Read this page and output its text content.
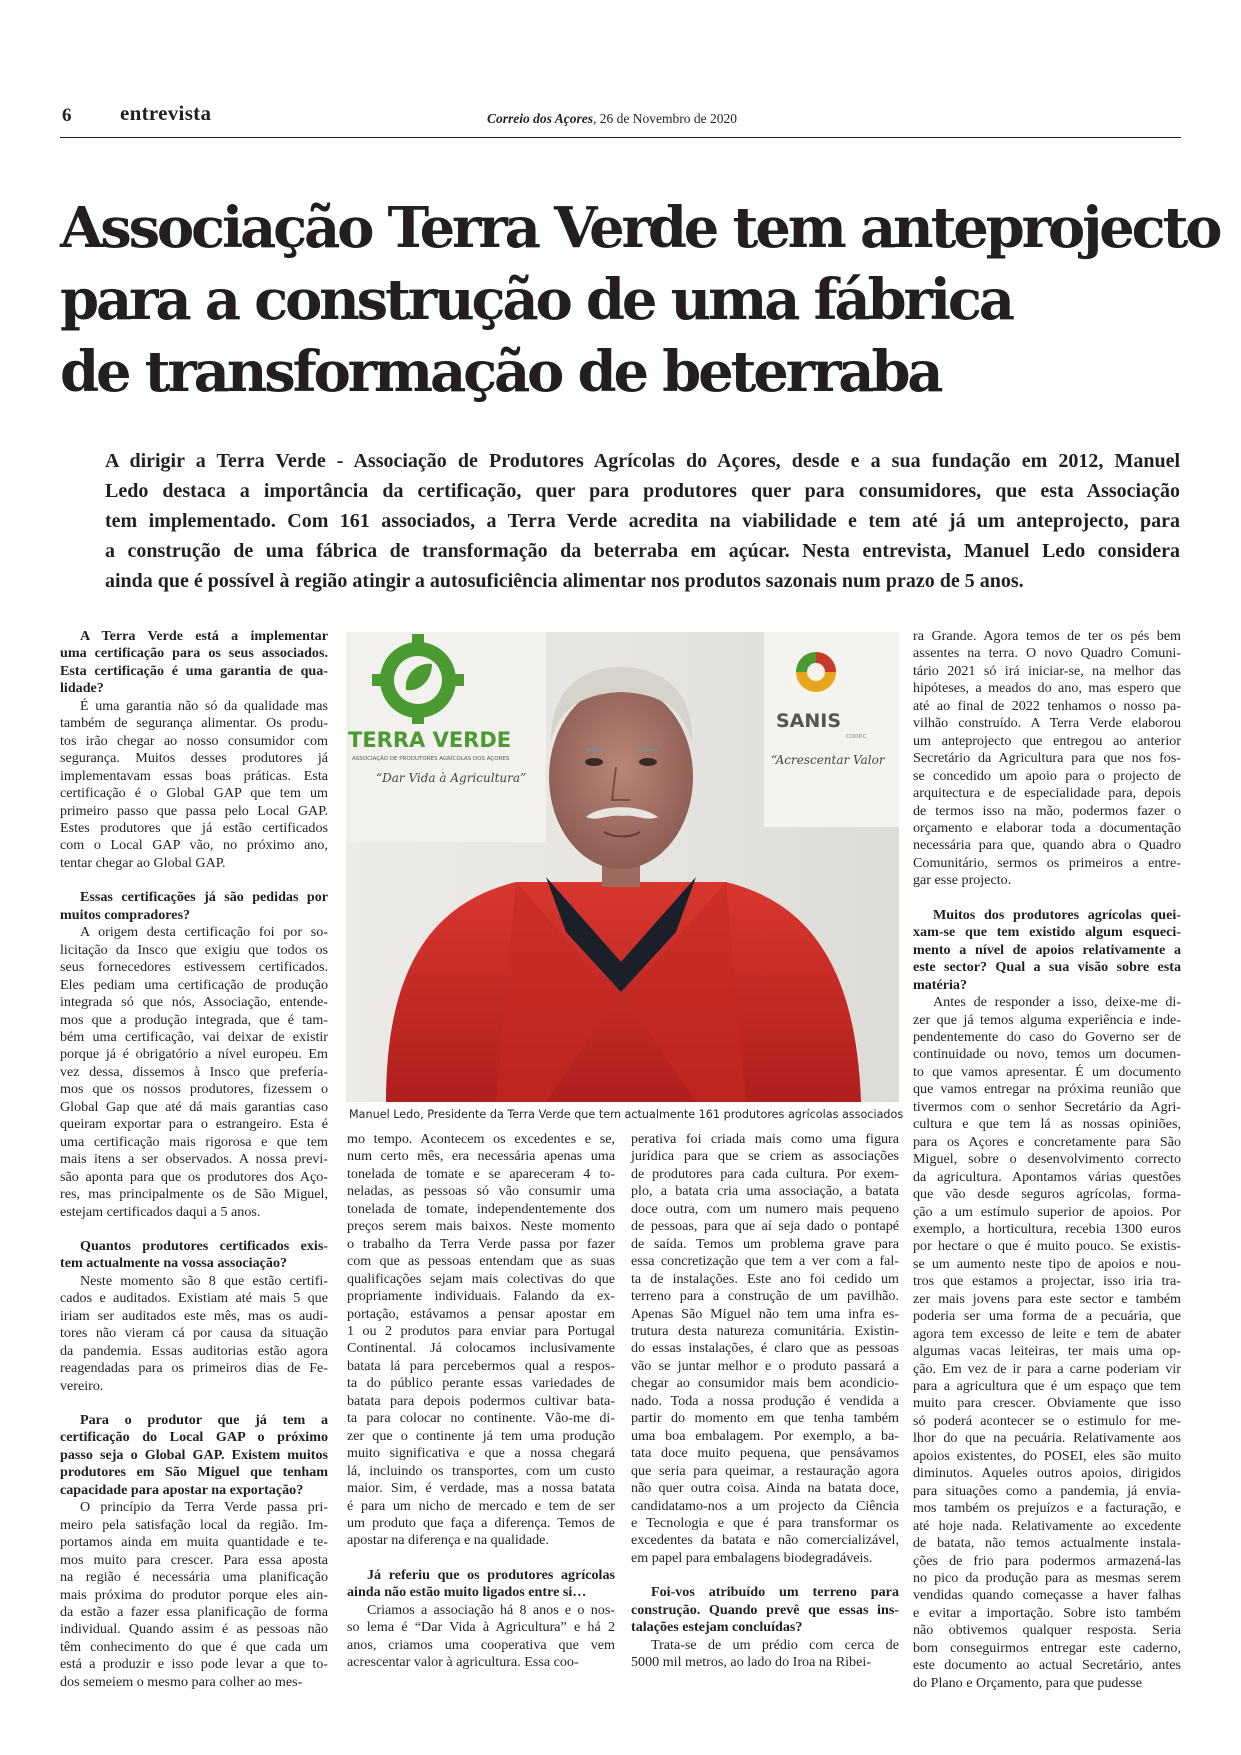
6 entrevista	Correio dos Açores, 26 de Novembro de 2020
Associação Terra Verde tem anteprojecto
para a construção de uma fábrica
de transformação de beterraba
A dirigir a Terra Verde - Associação de Produtores Agrícolas do Açores, desde e a sua fundação em 2012, Manuel
Ledo destaca a importância da certificação, quer para produtores quer para consumidores, que esta Associação
tem implementado. Com 161 associados, a Terra Verde acredita na viabilidade e tem até já um anteprojecto, para
a construção de uma fábrica de transformação da beterraba em açúcar. Nesta entrevista, Manuel Ledo considera
ainda que é possível à região atingir a autosuficiência alimentar nos produtos sazonais num prazo de 5 anos.

A Terra Verde está a implementar
uma certificação para os seus associados.
Esta certificação é uma garantia de qua-
lidade?

É uma garantia não só da qualidade mas
também de segurança alimentar. Os produ-
tos irão chegar ao nosso consumidor com
segurança. Muitos desses produtores já
implementavam essas boas práticas. Esta
certificação é o Global GAP que tem um
primeiro passo que passa pelo Local GAP.
Estes produtores que já estão certificados
com o Local GAP vão, no próximo ano,
tentar chegar ao Global GAP.

Essas certificações já são pedidas por
muitos compradores?

A origem desta certificação foi por so-
licitação da Insco que exigiu que todos os
seus fornecedores estivessem certificados.
Eles pediam uma certificação de produção
integrada só que nós, Associação, entende-
mos que a produção integrada, que é tam-
bém uma certificação, vai deixar de existir
porque já é obrigatório a nível europeu. Em
vez dessa, dissemos à Insco que prefería-
mos que os nossos produtores, fizessem o
Global Gap que até dá mais garantias caso
queiram exportar para o estrangeiro. Esta é
uma certificação mais rigorosa e que tem
mais itens a ser observados. A nossa previ-
são aponta para que os produtores dos Aço-
res, mas principalmente os de São Miguel,
estejam certificados daqui a 5 anos.

Quantos produtores certificados exis-
tem actualmente na vossa associação?

Neste momento são 8 que estão certifi-
cados e auditados. Existiam até mais 5 que
iriam ser auditados este mês, mas os audi-
tores não vieram cá por causa da situação
da pandemia. Essas auditorias estão agora
reagendadas para os primeiros dias de Fe-
vereiro.

Para o produtor que já tem a
certificação do Local GAP o próximo
passo seja o Global GAP. Existem muitos
produtores em São Miguel que tenham
capacidade para apostar na exportação?

O princípio da Terra Verde passa pri-
meiro pela satisfação local da região. Im-
portamos ainda em muita quantidade e te-
mos muito para crescer. Para essa aposta
na região é necessária uma planificação
mais próxima do produtor porque eles ain-
da estão a fazer essa planificação de forma
individual. Quando assim é as pessoas não
têm conhecimento do que é que cada um
está a produzir e isso pode levar a que to-
dos semeiem o mesmo para colher ao mes-

mo tempo. Acontecem os excedentes e se,
num certo mês, era necessária apenas uma
tonelada de tomate e se apareceram 4 to-
neladas, as pessoas só vão consumir uma
tonelada de tomate, independentemente dos
preços serem mais baixos. Neste momento
o trabalho da Terra Verde passa por fazer
com que as pessoas entendam que as suas
qualificações sejam mais colectivas do que
propriamente individuais. Falando da ex-
portação, estávamos a pensar apostar em
1 ou 2 produtos para enviar para Portugal
Continental. Já colocamos inclusivamente
batata lá para percebermos qual a respos-
ta do público perante essas variedades de
batata para depois podermos cultivar bata-
ta para colocar no continente. Vão-me di-
zer que o continente já tem uma produção
muito significativa e que a nossa chegará
lá, incluindo os transportes, com um custo
maior. Sim, é verdade, mas a nossa batata
é para um nicho de mercado e tem de ser
um produto que faça a diferença. Temos de
apostar na diferença e na qualidade.

Já referiu que os produtores agrícolas
ainda não estão muito ligados entre si…

Criamos a associação há 8 anos e o nos-
so lema é “Dar Vida à Agricultura” e há 2
anos, criamos uma cooperativa que vem
acrescentar valor à agricultura. Essa coo-

perativa foi criada mais como uma figura
jurídica para que se criem as associações
de produtores para cada cultura. Por exem-
plo, a batata cria uma associação, a batata
doce outra, com um numero mais pequeno
de pessoas, para que aí seja dado o pontapé
de saída. Temos um problema grave para
essa concretização que tem a ver com a fal-
ta de instalações. Este ano foi cedido um
terreno para a construção de um pavilhão.
Apenas São Miguel não tem uma infra es-
trutura desta natureza comunitária. Existin-
do essas instalações, é claro que as pessoas
vão se juntar melhor e o produto passará a
chegar ao consumidor mais bem acondicio-
nado. Toda a nossa produção é vendida a
partir do momento em que tenha também
uma boa embalagem. Por exemplo, a ba-
tata doce muito pequena, que pensávamos
que seria para queimar, a restauração agora
não quer outra coisa. Ainda na batata doce,
candidatamo-nos a um projecto da Ciência
e Tecnologia e que é para transformar os
excedentes da batata e não comercializável,
em papel para embalagens biodegradáveis.

Foi-vos atribuído um terreno para
construção. Quando prevê que essas ins-
talações estejam concluídas?

Trata-se de um prédio com cerca de
5000 mil metros, ao lado do Iroa na Ribei-

ra Grande. Agora temos de ter os pés bem
assentes na terra. O novo Quadro Comuni-
tário 2021 só irá iniciar-se, na melhor das
hipóteses, a meados do ano, mas espero que
até ao final de 2022 tenhamos o nosso pa-
vilhão construído. A Terra Verde elaborou
um anteprojecto que entregou ao anterior
Secretário da Agricultura para que nos fos-
se concedido um apoio para o projecto de
arquitectura e de especialidade para, depois
de termos isso na mão, podermos fazer o
orçamento e elaborar toda a documentação
necessária para que, quando abra o Quadro
Comunitário, sermos os primeiros a entre-
gar esse projecto.

Muitos dos produtores agrícolas quei-
xam-se que tem existido algum esqueci-
mento a nível de apoios relativamente a
este sector? Qual a sua visão sobre esta
matéria?

Antes de responder a isso, deixe-me di-
zer que já temos alguma experiência e inde-
pendentemente do caso do Governo ser de
continuidade ou novo, temos um documen-
to que vamos apresentar. É um documento
que vamos entregar na próxima reunião que
tivermos com o senhor Secretário da Agri-
cultura e que tem lá as nossas opiniões,
para os Açores e concretamente para São
Miguel, sobre o desenvolvimento correcto
da agricultura. Apontamos várias questões
que vão desde seguros agrícolas, forma-
ção a um estímulo superior de apoios. Por
exemplo, a horticultura, recebia 1300 euros
por hectare o que é muito pouco. Se existis-
se um aumento neste tipo de apoios e nou-
tros que estamos a projectar, isso iria tra-
zer mais jovens para este sector e também
poderia ser uma forma de a pecuária, que
agora tem excesso de leite e tem de abater
algumas vacas leiteiras, ter mais uma op-
ção. Em vez de ir para a carne poderiam vir
para a agricultura que é um espaço que tem
muito para crescer. Obviamente que isso
só poderá acontecer se o estimulo for me-
lhor do que na pecuária. Relativamente aos
apoios existentes, do POSEI, eles são muito
diminutos. Aqueles outros apoios, dirigidos
para situações como a pandemia, já envia-
mos também os prejuízos e a facturação, e
até hoje nada. Relativamente ao excedente
de batata, não temos actualmente instala-
ções de frio para podermos armazená-las
no pico da produção para as mesmas serem
vendidas quando começasse a haver falhas
e evitar a importação. Sobre isto também
não obtivemos qualquer resposta. Seria
bom conseguirmos entregar este caderno,
este documento ao actual Secretário, antes
do Plano e Orçamento, para que pudesse

TERRA VERDE
ASSOCIAÇÃO DE PRODUTORES AGRÍCOLAS DOS AÇORES
“Dar Vida à Agricultura”
SANIS
COOP.C
“Acrescentar Valor
Manuel Ledo, Presidente da Terra Verde que tem actualmente 161 produtores agrícolas associados
